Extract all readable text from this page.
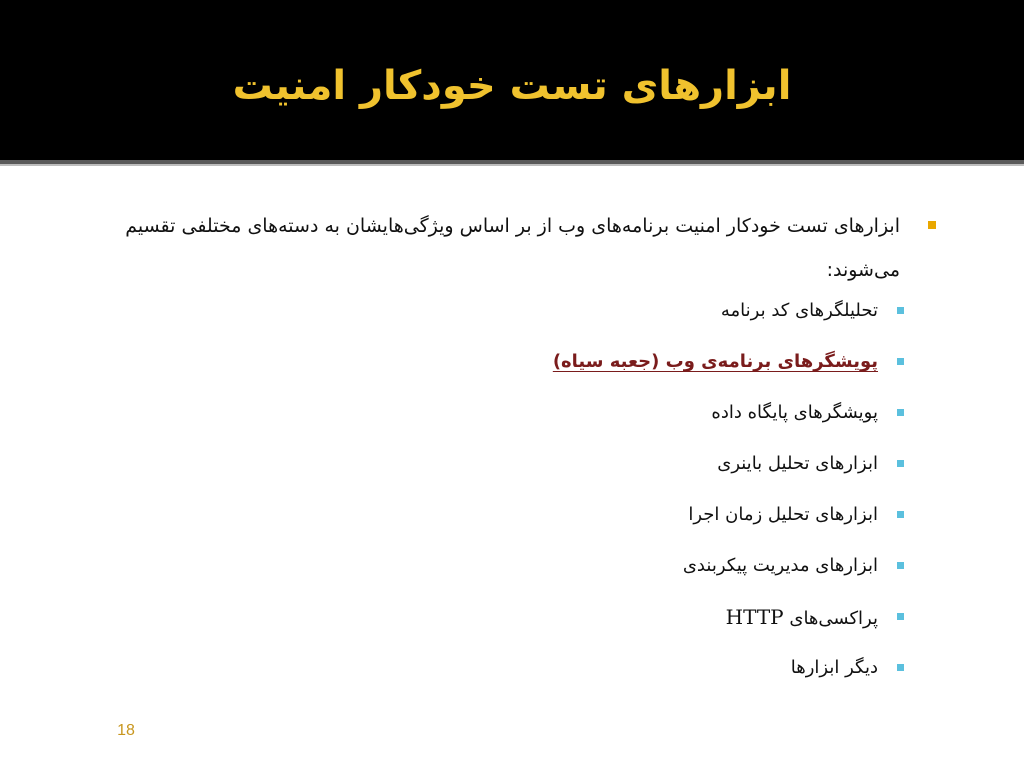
ابزارهای تست خودکار امنیت
ابزارهای تست خودکار امنیت برنامه‌های وب از بر اساس ویژگی‌هایشان به دسته‌های مختلفی تقسیم می‌شوند:
تحلیلگرهای کد برنامه
پویشگرهای برنامه‌ی وب (جعبه سیاه)
پویشگرهای پایگاه داده
ابزارهای تحلیل باینری
ابزارهای تحلیل زمان اجرا
ابزارهای مدیریت پیکربندی
پراکسی‌های HTTP
دیگر ابزارها
18
